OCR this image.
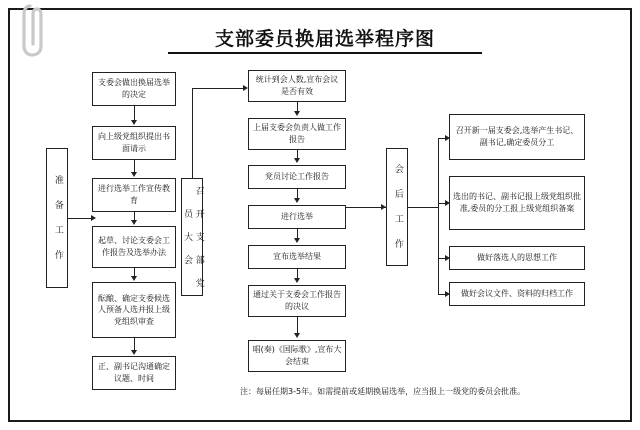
支部委员换届选举程序图
准 备 工 作
支委会做出换届选举的决定
向上级党组织提出书面请示
进行选举工作宣传教育
起草、讨论支委会工作报告及选举办法
酝酿、确定支委候选人预备人选并报上级党组织审查
正、副书记沟通确定议题、时间
召 开 支 部 党 员 大 会
统计到会人数,宣布会议是否有效
上届支委会负责人做工作报告
党员讨论工作报告
进行选举
宣布选举结果
通过关于支委会工作报告的决议
唱(奏)《国际歌》,宣布大会结束
会 后 工 作
召开新一届支委会,选举产生书记、副书记,确定委员分工
选出的书记、副书记报上级党组织批准,委员的分工报上级党组织备案
做好落选人的思想工作
做好会议文件、资料的归档工作
注：每届任期3-5年。如需提前或延期换届选举，应当报上一级党的委员会批准。
